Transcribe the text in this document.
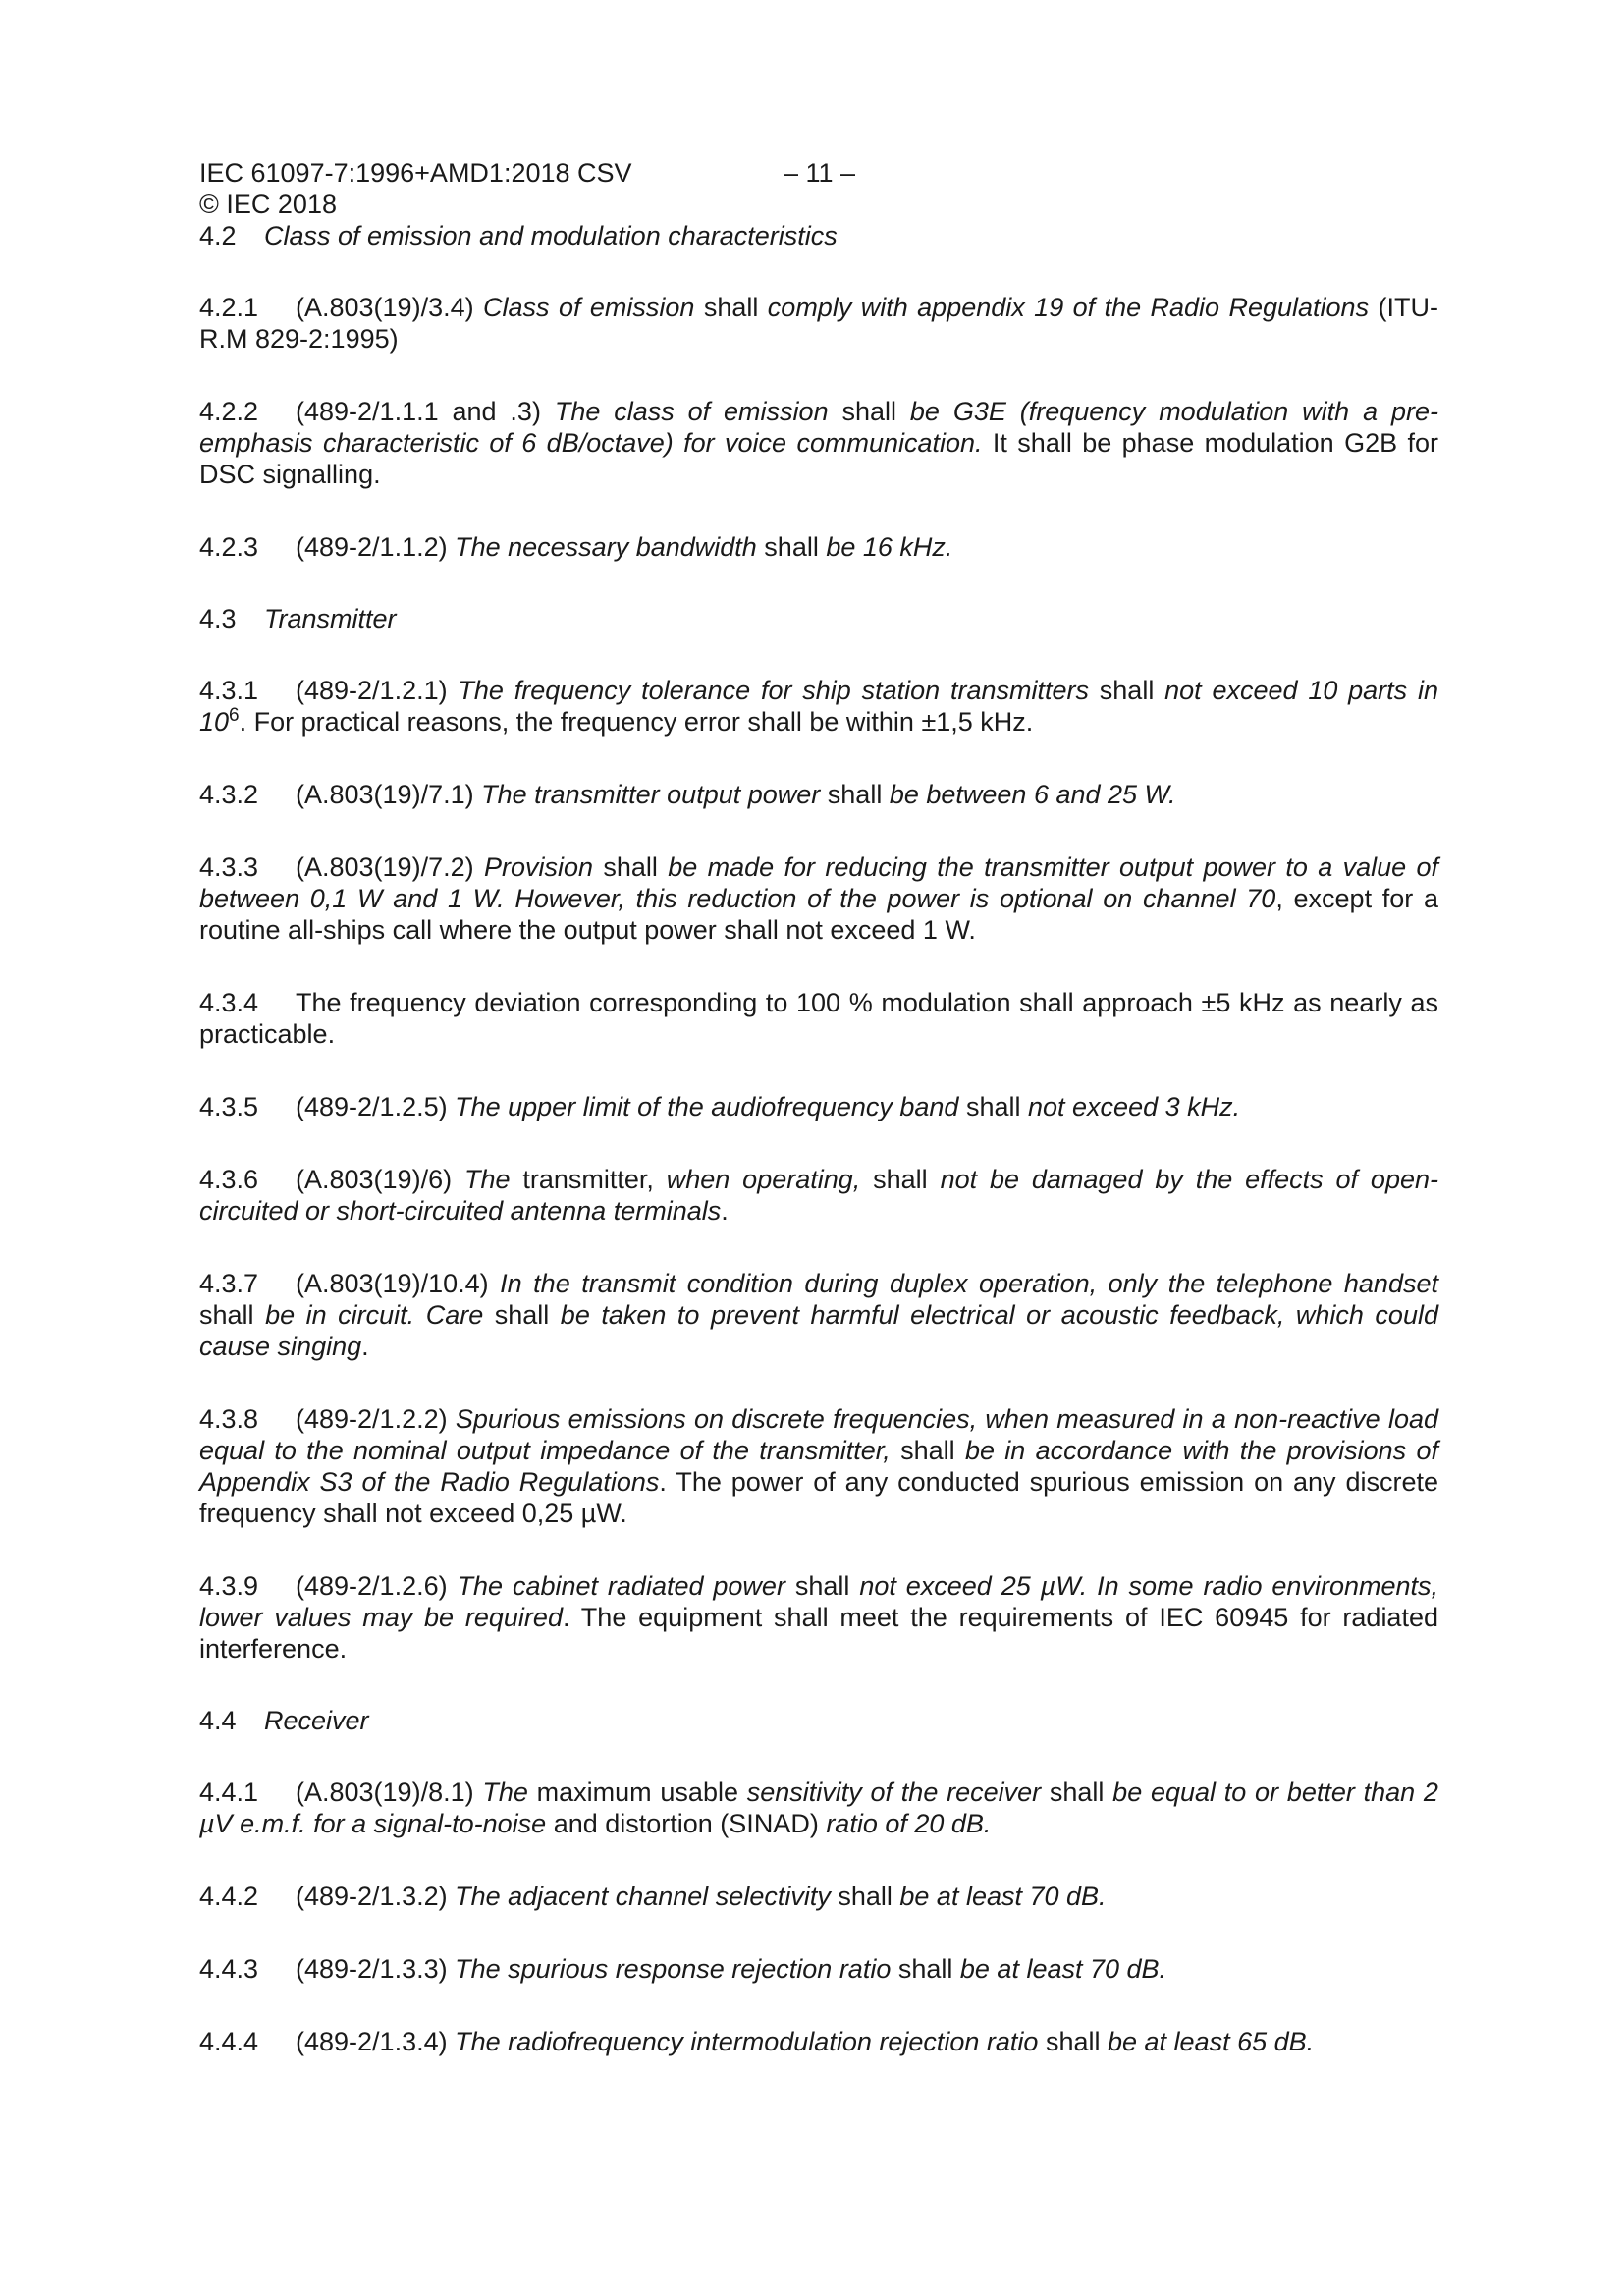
IEC 61097-7:1996+AMD1:2018 CSV	– 11 –
© IEC 2018

4.2 Class of emission and modulation characteristics

4.2.1 (A.803(19)/3.4) Class of emission shall comply with appendix 19 of the Radio Regulations (ITU-R.M 829-2:1995)

4.2.2 (489-2/1.1.1 and .3) The class of emission shall be G3E (frequency modulation with a pre-emphasis characteristic of 6 dB/octave) for voice communication. It shall be phase modulation G2B for DSC signalling.

4.2.3 (489-2/1.1.2) The necessary bandwidth shall be 16 kHz.

4.3 Transmitter

4.3.1 (489-2/1.2.1) The frequency tolerance for ship station transmitters shall not exceed 10 parts in $10^6$. For practical reasons, the frequency error shall be within ±1,5 kHz.

4.3.2 (A.803(19)/7.1) The transmitter output power shall be between 6 and 25 W.

4.3.3 (A.803(19)/7.2) Provision shall be made for reducing the transmitter output power to a value of between 0,1 W and 1 W. However, this reduction of the power is optional on channel 70, except for a routine all-ships call where the output power shall not exceed 1 W.

4.3.4 The frequency deviation corresponding to 100 % modulation shall approach ±5 kHz as nearly as practicable.

4.3.5 (489-2/1.2.5) The upper limit of the audiofrequency band shall not exceed 3 kHz.

4.3.6 (A.803(19)/6) The transmitter, when operating, shall not be damaged by the effects of open-circuited or short-circuited antenna terminals.

4.3.7 (A.803(19)/10.4) In the transmit condition during duplex operation, only the telephone handset shall be in circuit. Care shall be taken to prevent harmful electrical or acoustic feedback, which could cause singing.

4.3.8 (489-2/1.2.2) Spurious emissions on discrete frequencies, when measured in a non-reactive load equal to the nominal output impedance of the transmitter, shall be in accordance with the provisions of Appendix S3 of the Radio Regulations. The power of any conducted spurious emission on any discrete frequency shall not exceed 0,25 µW.

4.3.9 (489-2/1.2.6) The cabinet radiated power shall not exceed 25 µW. In some radio environments, lower values may be required. The equipment shall meet the requirements of IEC 60945 for radiated interference.

4.4 Receiver

4.4.1 (A.803(19)/8.1) The maximum usable sensitivity of the receiver shall be equal to or better than 2 µV e.m.f. for a signal-to-noise and distortion (SINAD) ratio of 20 dB.

4.4.2 (489-2/1.3.2) The adjacent channel selectivity shall be at least 70 dB.

4.4.3 (489-2/1.3.3) The spurious response rejection ratio shall be at least 70 dB.

4.4.4 (489-2/1.3.4) The radiofrequency intermodulation rejection ratio shall be at least 65 dB.
